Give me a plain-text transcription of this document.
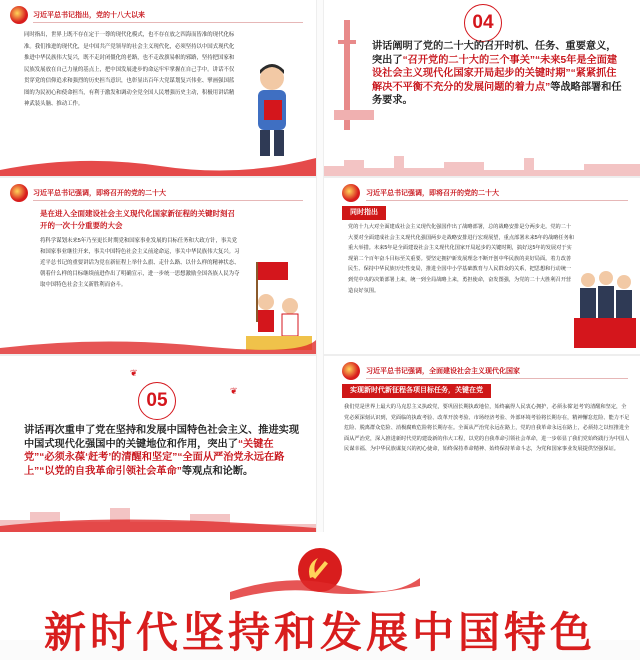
习近平总书记指出，党的十八大以来
同时指出，世界上既不存在定于一尊的现代化模式，也不存在放之四海而皆准的现代化标准。我们推进的现代化，是中国共产党领导的社会主义现代化，必须坚持以中国式现代化推进中华民族伟大复兴，既不走封闭僵化的老路，也不走改旗易帜的邪路，坚持把国家和民族发展放在自己力量的基点上，把中国发展进步的命运牢牢掌握在自己手中。讲话不仅贯穿党的信仰追求和强烈的历史担当意识，也彰显出百年大党谋划复兴伟业、擘画强国蓝图的为民初心和使命担当，有利于激发和调动全党全国人民增强历史主动，积极用讲话精神武装头脑、推动工作。
04
讲话阐明了党的二十大的召开时机、任务、重要意义，突出了“召开党的二十大的三个事关”“未来5年是全面建设社会主义现代化国家开局起步的关键时期”“紧紧抓住解决不平衡不充分的发展问题的着力点”等战略部署和任务要求。
习近平总书记强调，即将召开的党的二十大
是在进入全面建设社会主义现代化国家新征程的关键时刻召开的一次十分重要的大会
将科学谋划未来5年乃至更长时期党和国家事业发展的目标任务和大政方针，事关党和国家事业继往开来，事关中国特色社会主义前途命运，事关中华民族伟大复兴。习近平总书记的重要讲话为党在新征程上举什么旗、走什么路、以什么样的精神状态、朝着什么样的目标继续前进作出了明确宣示，进一步统一思想激励全国各族人民为夺取中国特色社会主义新胜利而奋斗。
习近平总书记强调，即将召开的党的二十大
同时指出
党的十九大对全面建成社会主义现代化强国作出了战略部署，总的战略安排是分两步走。党的二十大要对全面建成社会主义现代化强国两步走战略安排进行宏观展望，重点部署未来5年的战略任务和重大举措。未来5年是全面建设社会主义现代化国家开局起步的关键时期，搞好这5年的发展对于实现第二个百年奋斗目标至关重要。要坚定拥护新发展理念不断开创中华民族的美好局面。着力改善民生、保持中华民族历史性变局，推进全国中小学基础教育与人民群众的关系，把思想和行动统一到党中央的决策部署上来，统一到全局战略上来，勇担使命，奋发图强，为党的二十大胜利召开营造良好氛围。
05
❦
❦
讲话再次重申了党在坚持和发展中国特色社会主义、推进实现中国式现代化强国中的关键地位和作用，突出了“关键在党”“必须永葆‘赶考’的清醒和坚定”“全面从严治党永远在路上”“以党的自我革命引领社会革命”等观点和论断。
习近平总书记强调，全面建设社会主义现代化国家
实现新时代新征程各项目标任务，关键在党
我们党是世界上最大的马克思主义执政党，要巩固长期执政地位，始终赢得人民衷心拥护，必须永葆‘赶考’的清醒和坚定，全党必须深刻认识到，党面临的执政考验、改革开放考验、市场经济考验、外部环境考验将长期存在，精神懈怠危险、能力不足危险、脱离群众危险、消极腐败危险将长期存在。全面从严治党永远在路上，党的自我革命永远在路上，必须持之以恒推进全面从严治党，深入推进新时代党的建设新的伟大工程，以党的自我革命引领社会革命，进一步彰显了我们党始终践行为中国人民谋幸福、为中华民族谋复兴的初心使命，始终保持革命精神、始终保持革命斗志，为党和国家事业发展提供坚强保证。
新时代坚持和发展中国特色
